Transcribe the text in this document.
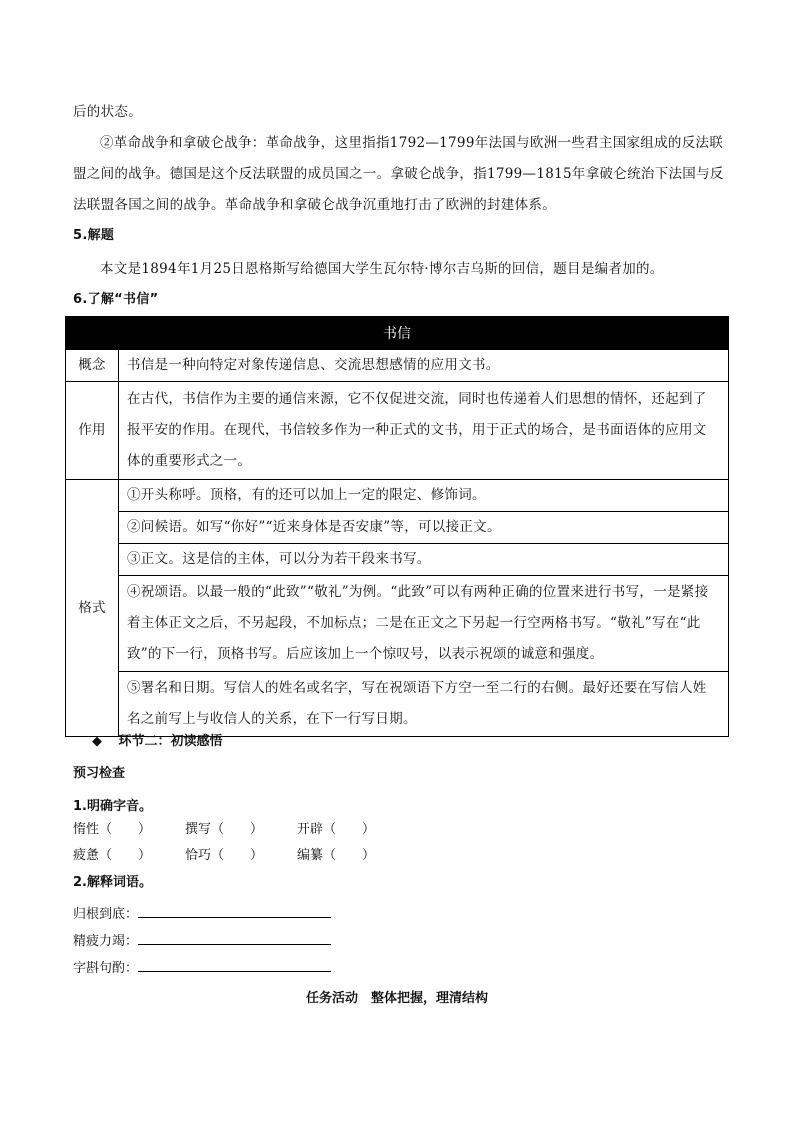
后的状态。

②革命战争和拿破仑战争：革命战争，这里指指1792—1799年法国与欧洲一些君主国家组成的反法联

盟之间的战争。德国是这个反法联盟的成员国之一。拿破仑战争，指1799—1815年拿破仑统治下法国与反

法联盟各国之间的战争。革命战争和拿破仑战争沉重地打击了欧洲的封建体系。

5.解题

本文是1894年1月25日恩格斯写给德国大学生瓦尔特·博尔吉乌斯的回信，题目是编者加的。

6.了解“书信”

书信	
概念	书信是一种向特定对象传递信息、交流思想感情的应用文书。
作用	在古代，书信作为主要的通信来源，它不仅促进交流，同时也传递着人们思想的情怀，还起到了报平安的作用。在现代，书信较多作为一种正式的文书，用于正式的场合，是书面语体的应用文体的重要形式之一。
格式	①开头称呼。顶格，有的还可以加上一定的限定、修饰词。
	②问候语。如写“你好”“近来身体是否安康”等，可以接正文。
	③正文。这是信的主体，可以分为若干段来书写。
	④祝颂语。以最一般的“此致”“敬礼”为例。“此致”可以有两种正确的位置来进行书写，一是紧接着主体正文之后，不另起段，不加标点；二是在正文之下另起一行空两格书写。“敬礼”写在“此致”的下一行，顶格书写。后应该加上一个惊叹号，以表示祝颂的诚意和强度。
	⑤署名和日期。写信人的姓名或名字，写在祝颂语下方空一至二行的右侧。最好还要在写信人姓名之前写上与收信人的关系，在下一行写日期。
◆ 环节二：初读感悟
预习检查
1.明确字音。
惰性（　　）	撰写（　　）	开辟（　　）
疲惫（　　）	恰巧（　　）	编纂（　　）
2.解释词语。
归根到底：
精疲力竭：
字斟句酌：
任务活动　整体把握，理清结构
